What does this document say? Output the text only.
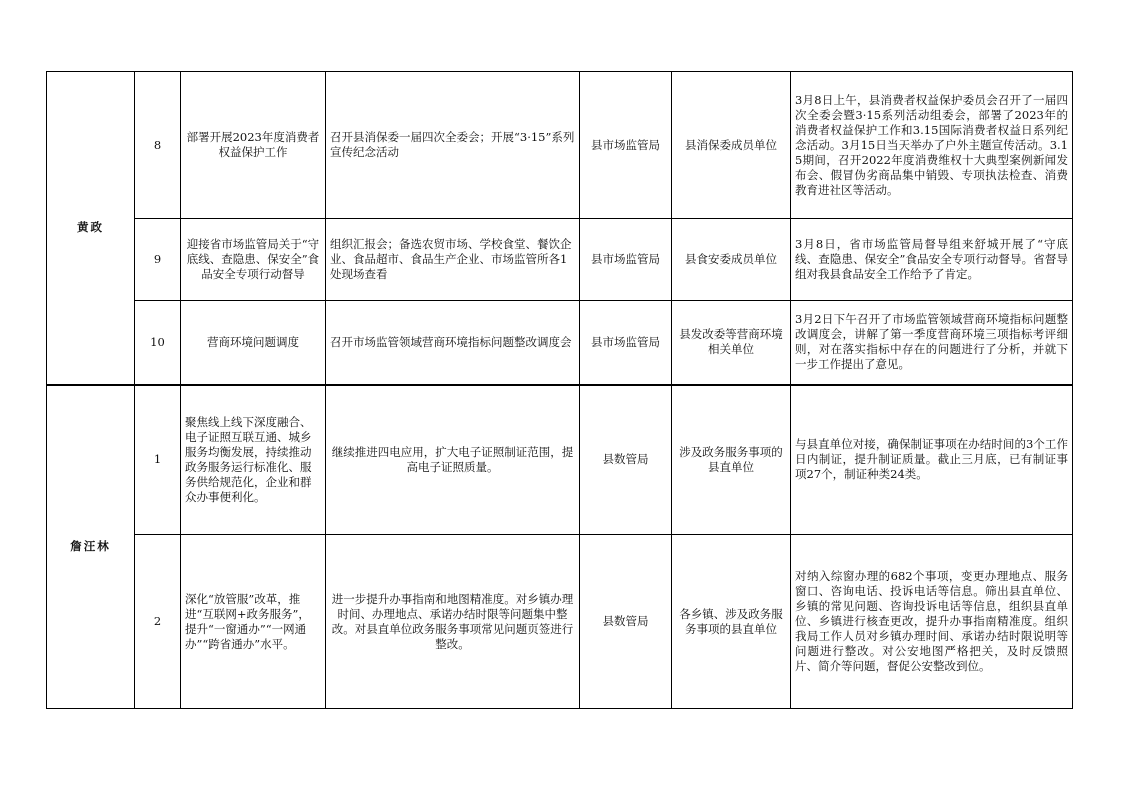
黄政	8	部署开展2023年度消费者权益保护工作	召开县消保委一届四次全委会；开展“3·15”系列宣传纪念活动	县市场监管局	县消保委成员单位	3月8日上午，县消费者权益保护委员会召开了一届四次全委会暨3·15系列活动组委会，部署了2023年的消费者权益保护工作和3.15国际消费者权益日系列纪念活动。3月15日当天举办了户外主题宣传活动。3.15期间，召开2022年度消费维权十大典型案例新闻发布会、假冒伪劣商品集中销毁、专项执法检查、消费教育进社区等活动。
	9	迎接省市场监管局关于“守底线、查隐患、保安全”食品安全专项行动督导	组织汇报会；备选农贸市场、学校食堂、餐饮企业、食品超市、食品生产企业、市场监管所各1处现场查看	县市场监管局	县食安委成员单位	3月8日，省市场监管局督导组来舒城开展了“守底线、查隐患、保安全”食品安全专项行动督导。省督导组对我县食品安全工作给予了肯定。
	10	营商环境问题调度	召开市场监管领域营商环境指标问题整改调度会	县市场监管局	县发改委等营商环境相关单位	3月2日下午召开了市场监管领域营商环境指标问题整改调度会，讲解了第一季度营商环境三项指标考评细则，对在落实指标中存在的问题进行了分析，并就下一步工作提出了意见。
詹汪林	1	聚焦线上线下深度融合、电子证照互联互通、城乡服务均衡发展，持续推动政务服务运行标准化、服务供给规范化，企业和群众办事便利化。	继续推进四电应用，扩大电子证照制证范围，提高电子证照质量。	县数管局	涉及政务服务事项的县直单位	与县直单位对接，确保制证事项在办结时间的3个工作日内制证，提升制证质量。截止三月底，已有制证事项27个，制证种类24类。
	2	深化“放管服”改革，推进“互联网+政务服务”，提升“一窗通办”“一网通办”“跨省通办”水平。	进一步提升办事指南和地图精准度。对乡镇办理时间、办理地点、承诺办结时限等问题集中整改。对县直单位政务服务事项常见问题页签进行整改。	县数管局	各乡镇、涉及政务服务事项的县直单位	对纳入综窗办理的682个事项，变更办理地点、服务窗口、咨询电话、投诉电话等信息。筛出县直单位、乡镇的常见问题、咨询投诉电话等信息，组织县直单位、乡镇进行核查更改，提升办事指南精准度。组织我局工作人员对乡镇办理时间、承诺办结时限说明等问题进行整改。对公安地图严格把关，及时反馈照片、简介等问题，督促公安整改到位。
